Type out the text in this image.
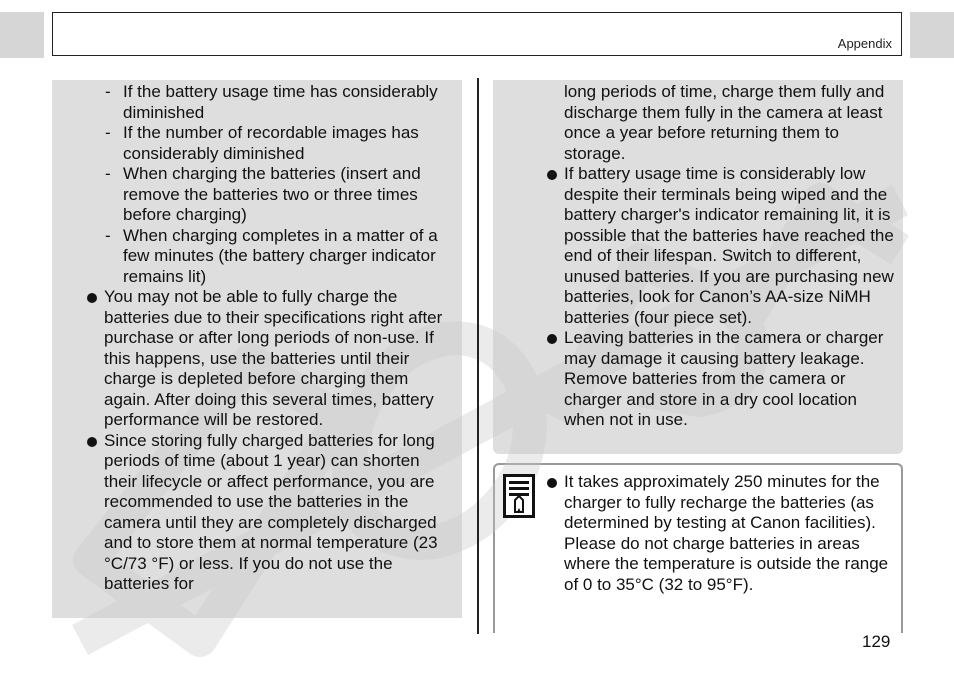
Appendix
- If the battery usage time has considerably diminished
- If the number of recordable images has considerably diminished
- When charging the batteries (insert and remove the batteries two or three times before charging)
- When charging completes in a matter of a few minutes (the battery charger indicator remains lit)
You may not be able to fully charge the batteries due to their specifications right after purchase or after long periods of non-use. If this happens, use the batteries until their charge is depleted before charging them again. After doing this several times, battery performance will be restored.
Since storing fully charged batteries for long periods of time (about 1 year) can shorten their lifecycle or affect performance, you are recommended to use the batteries in the camera until they are completely discharged and to store them at normal temperature (23 °C/73 °F) or less. If you do not use the batteries for
long periods of time, charge them fully and discharge them fully in the camera at least once a year before returning them to storage.
If battery usage time is considerably low despite their terminals being wiped and the battery charger's indicator remaining lit, it is possible that the batteries have reached the end of their lifespan. Switch to different, unused batteries. If you are purchasing new batteries, look for Canon’s AA-size NiMH batteries (four piece set).
Leaving batteries in the camera or charger may damage it causing battery leakage. Remove batteries from the camera or charger and store in a dry cool location when not in use.
It takes approximately 250 minutes for the charger to fully recharge the batteries (as determined by testing at Canon facilities). Please do not charge batteries in areas where the temperature is outside the range of 0 to 35°C (32 to 95°F).
129
